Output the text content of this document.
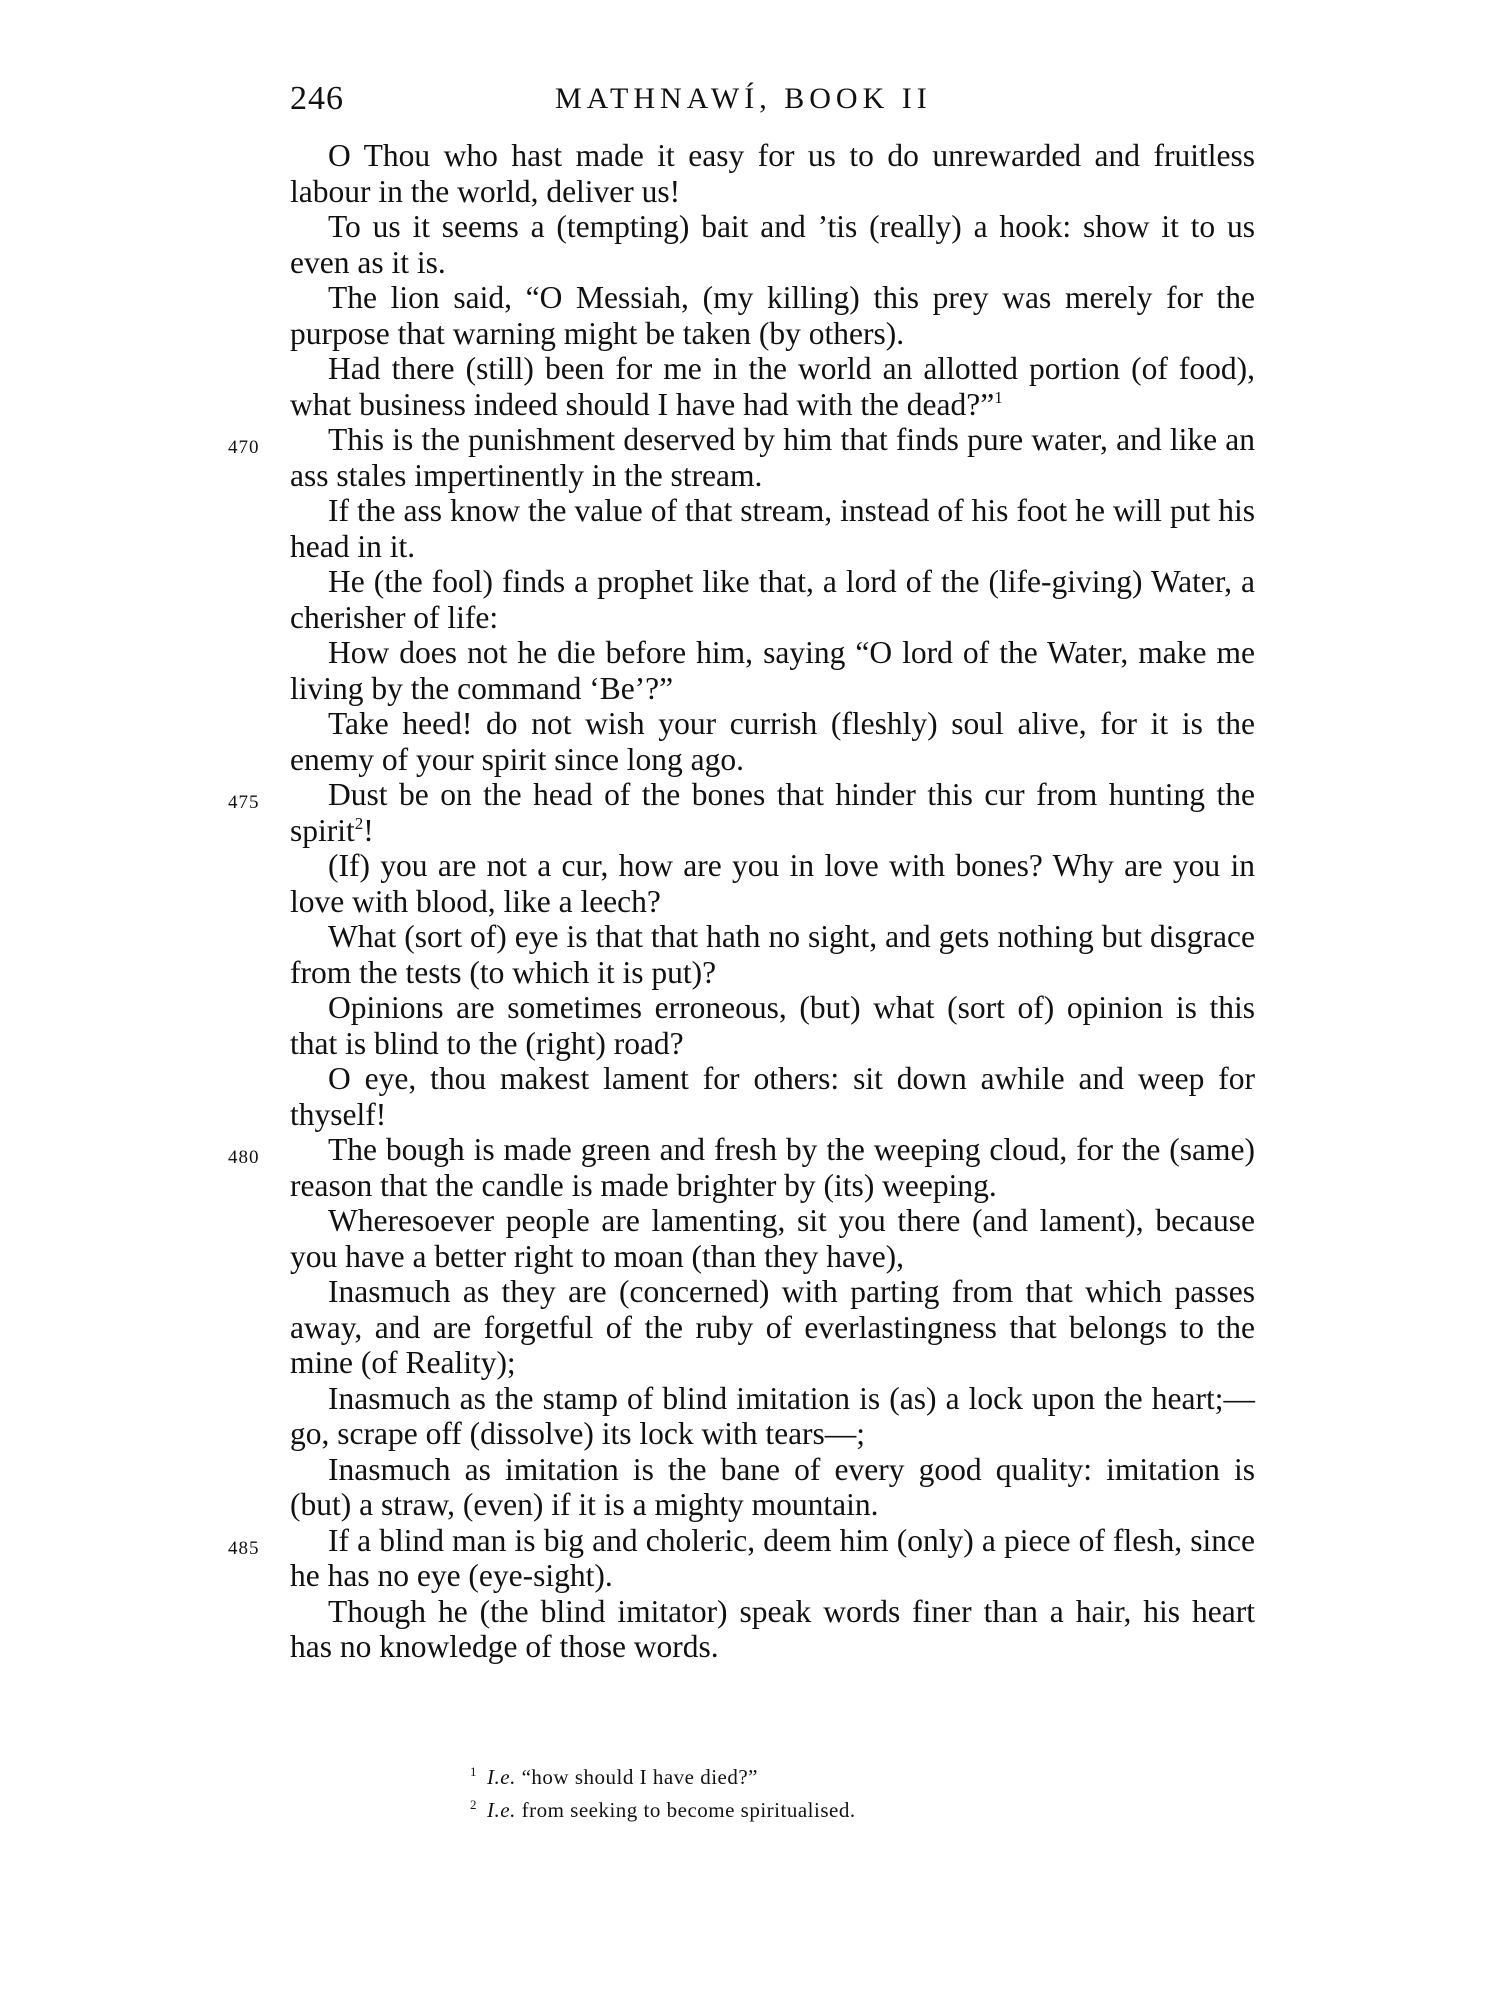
246	MATHNAWÍ, BOOK II

O Thou who hast made it easy for us to do unrewarded and fruitless labour in the world, deliver us!

To us it seems a (tempting) bait and ’tis (really) a hook: show it to us even as it is.

The lion said, “O Messiah, (my killing) this prey was merely for the purpose that warning might be taken (by others).

Had there (still) been for me in the world an allotted portion (of food), what business indeed should I have had with the dead?”$^1$

470 This is the punishment deserved by him that finds pure water, and like an ass stales impertinently in the stream.

If the ass know the value of that stream, instead of his foot he will put his head in it.

He (the fool) finds a prophet like that, a lord of the (life-giving) Water, a cherisher of life:

How does not he die before him, saying “O lord of the Water, make me living by the command ‘Be’?”

Take heed! do not wish your currish (fleshly) soul alive, for it is the enemy of your spirit since long ago.

475 Dust be on the head of the bones that hinder this cur from hunting the spirit$^2$!

(If) you are not a cur, how are you in love with bones? Why are you in love with blood, like a leech?

What (sort of) eye is that that hath no sight, and gets nothing but disgrace from the tests (to which it is put)?

Opinions are sometimes erroneous, (but) what (sort of) opinion is this that is blind to the (right) road?

O eye, thou makest lament for others: sit down awhile and weep for thyself!

480 The bough is made green and fresh by the weeping cloud, for the (same) reason that the candle is made brighter by (its) weeping.

Wheresoever people are lamenting, sit you there (and lament), because you have a better right to moan (than they have),

Inasmuch as they are (concerned) with parting from that which passes away, and are forgetful of the ruby of everlastingness that belongs to the mine (of Reality);

Inasmuch as the stamp of blind imitation is (as) a lock upon the heart;—go, scrape off (dissolve) its lock with tears—;

Inasmuch as imitation is the bane of every good quality: imitation is (but) a straw, (even) if it is a mighty mountain.

485 If a blind man is big and choleric, deem him (only) a piece of flesh, since he has no eye (eye-sight).

Though he (the blind imitator) speak words finer than a hair, his heart has no knowledge of those words.

$^1$ I.e. “how should I have died?”

$^2$ I.e. from seeking to become spiritualised.
